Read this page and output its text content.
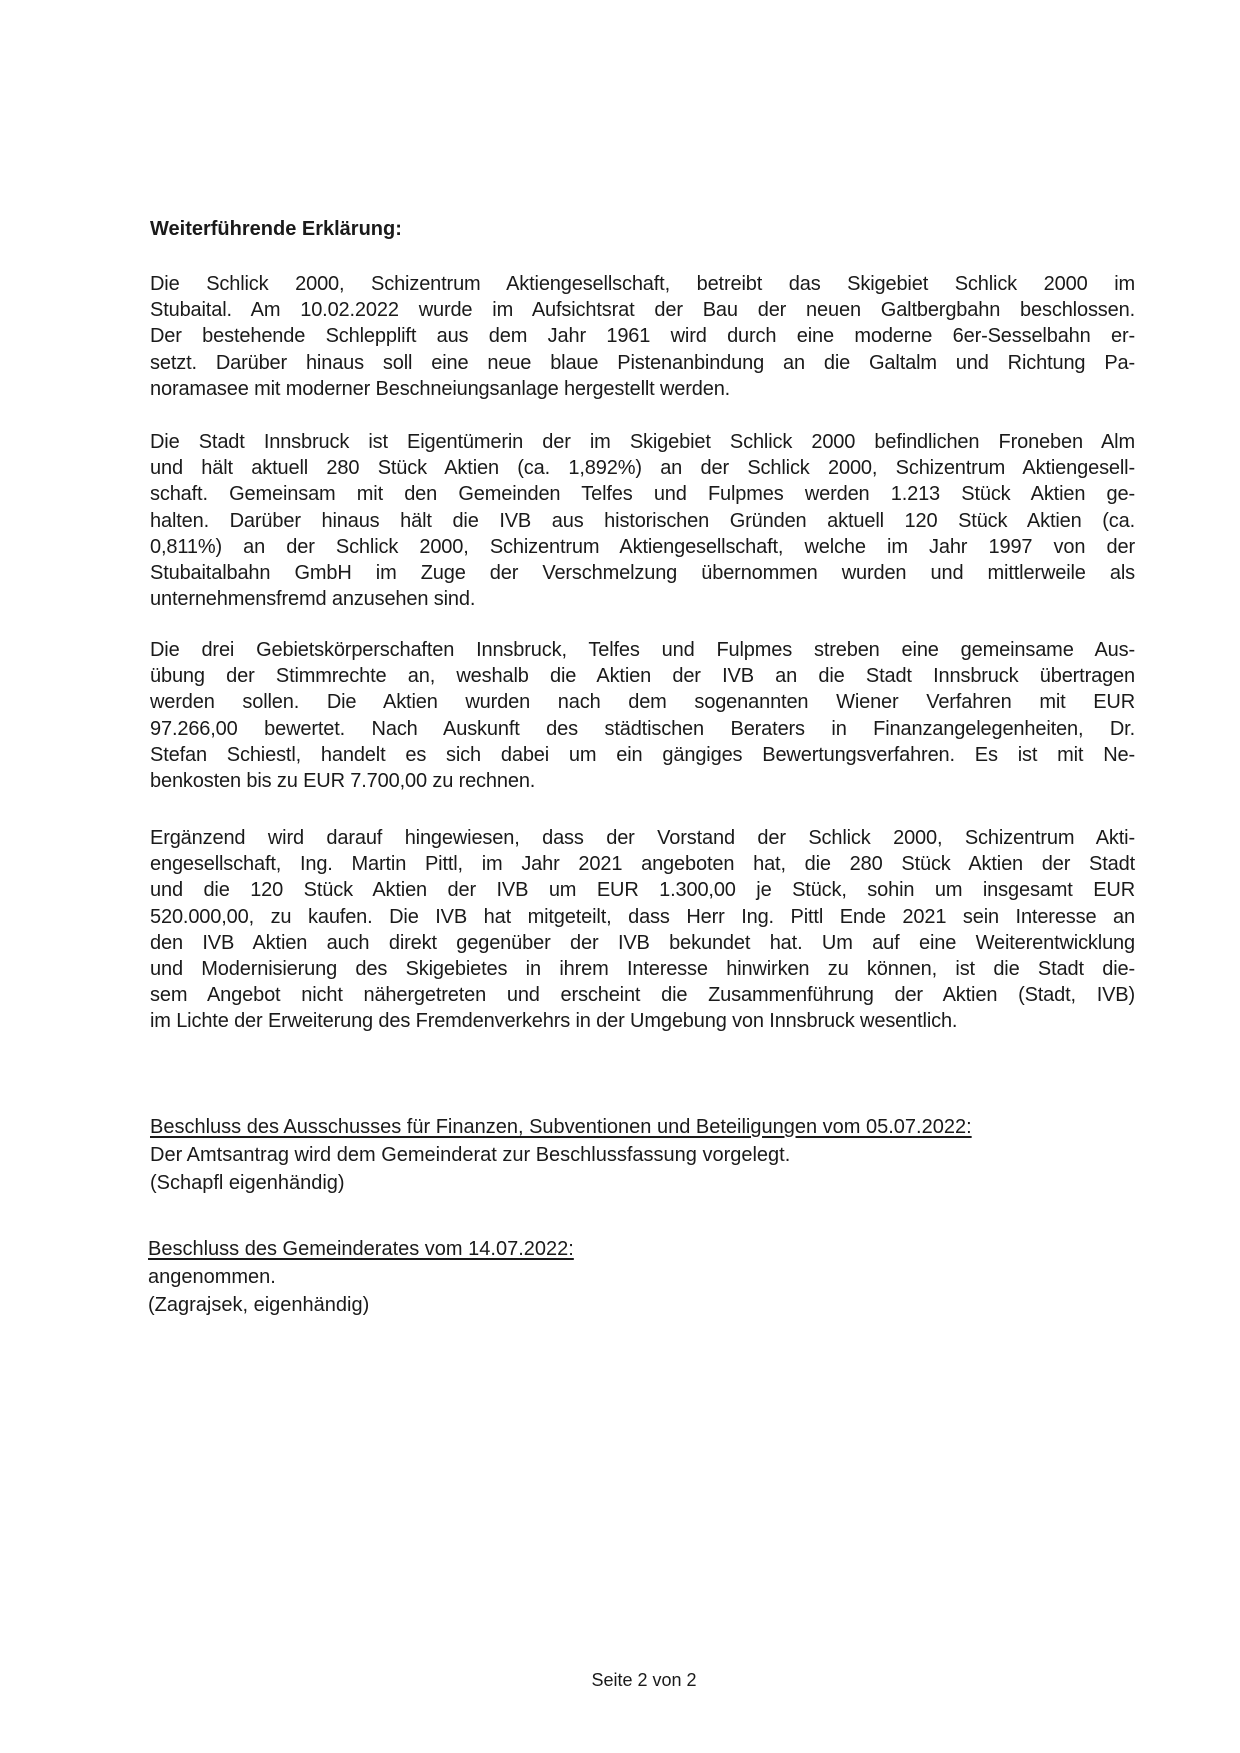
Weiterführende Erklärung:
Die Schlick 2000, Schizentrum Aktiengesellschaft, betreibt das Skigebiet Schlick 2000 im
Stubaital. Am 10.02.2022 wurde im Aufsichtsrat der Bau der neuen Galtbergbahn beschlossen.
Der bestehende Schlepplift aus dem Jahr 1961 wird durch eine moderne 6er-Sesselbahn er-
setzt. Darüber hinaus soll eine neue blaue Pistenanbindung an die Galtalm und Richtung Pa-
noramasee mit moderner Beschneiungsanlage hergestellt werden.
Die Stadt Innsbruck ist Eigentümerin der im Skigebiet Schlick 2000 befindlichen Froneben Alm
und hält aktuell 280 Stück Aktien (ca. 1,892%) an der Schlick 2000, Schizentrum Aktiengesell-
schaft. Gemeinsam mit den Gemeinden Telfes und Fulpmes werden 1.213 Stück Aktien ge-
halten. Darüber hinaus hält die IVB aus historischen Gründen aktuell 120 Stück Aktien (ca.
0,811%) an der Schlick 2000, Schizentrum Aktiengesellschaft, welche im Jahr 1997 von der
Stubaitalbahn GmbH im Zuge der Verschmelzung übernommen wurden und mittlerweile als
unternehmensfremd anzusehen sind.
Die drei Gebietskörperschaften Innsbruck, Telfes und Fulpmes streben eine gemeinsame Aus-
übung der Stimmrechte an, weshalb die Aktien der IVB an die Stadt Innsbruck übertragen
werden sollen. Die Aktien wurden nach dem sogenannten Wiener Verfahren mit EUR
97.266,00 bewertet. Nach Auskunft des städtischen Beraters in Finanzangelegenheiten, Dr.
Stefan Schiestl, handelt es sich dabei um ein gängiges Bewertungsverfahren. Es ist mit Ne-
benkosten bis zu EUR 7.700,00 zu rechnen.
Ergänzend wird darauf hingewiesen, dass der Vorstand der Schlick 2000, Schizentrum Akti-
engesellschaft, Ing. Martin Pittl, im Jahr 2021 angeboten hat, die 280 Stück Aktien der Stadt
und die 120 Stück Aktien der IVB um EUR 1.300,00 je Stück, sohin um insgesamt EUR
520.000,00, zu kaufen. Die IVB hat mitgeteilt, dass Herr Ing. Pittl Ende 2021 sein Interesse an
den IVB Aktien auch direkt gegenüber der IVB bekundet hat. Um auf eine Weiterentwicklung
und Modernisierung des Skigebietes in ihrem Interesse hinwirken zu können, ist die Stadt die-
sem Angebot nicht nähergetreten und erscheint die Zusammenführung der Aktien (Stadt, IVB)
im Lichte der Erweiterung des Fremdenverkehrs in der Umgebung von Innsbruck wesentlich.
Beschluss des Ausschusses für Finanzen, Subventionen und Beteiligungen vom 05.07.2022:
Der Amtsantrag wird dem Gemeinderat zur Beschlussfassung vorgelegt.
(Schapfl eigenhändig)
Beschluss des Gemeinderates vom 14.07.2022:
angenommen.
(Zagrajsek, eigenhändig)
Seite 2 von 2
